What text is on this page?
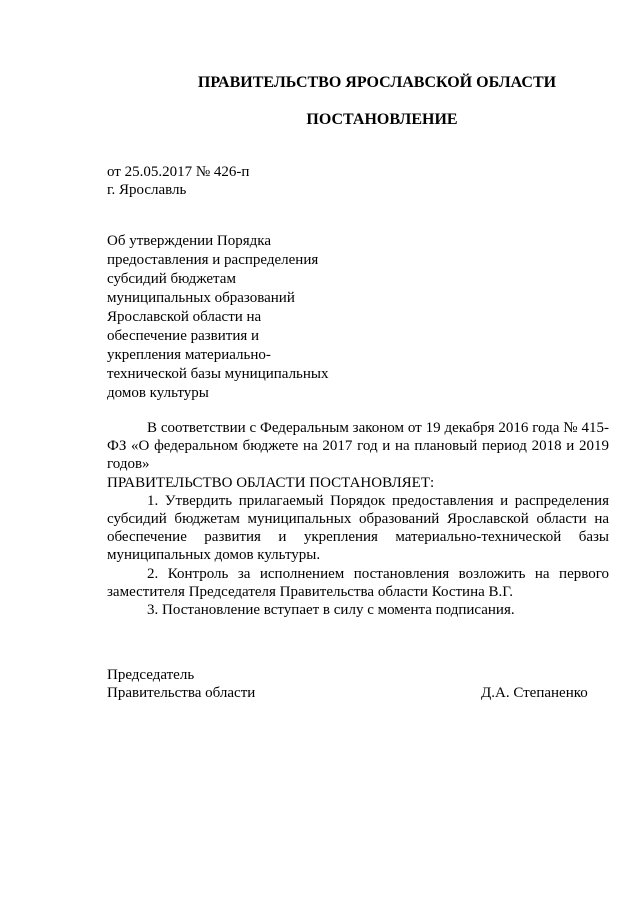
ПРАВИТЕЛЬСТВО ЯРОСЛАВСКОЙ ОБЛАСТИ
ПОСТАНОВЛЕНИЕ
от 25.05.2017 № 426-п
г. Ярославль
Об утверждении Порядка
предоставления и распределения
субсидий бюджетам
муниципальных образований
Ярославской области на
обеспечение развития и
укрепления материально-
технической базы муниципальных
домов культуры

В соответствии с Федеральным законом от 19 декабря 2016 года № 415-ФЗ «О федеральном бюджете на 2017 год и на плановый период 2018 и 2019 годов»

ПРАВИТЕЛЬСТВО ОБЛАСТИ ПОСТАНОВЛЯЕТ:

1. Утвердить прилагаемый Порядок предоставления и распределения субсидий бюджетам муниципальных образований Ярославской области на обеспечение развития и укрепления материально-технической базы муниципальных домов культуры.

2. Контроль за исполнением постановления возложить на первого заместителя Председателя Правительства области Костина В.Г.

3. Постановление вступает в силу с момента подписания.

Председатель
Правительства области	Д.А. Степаненко
